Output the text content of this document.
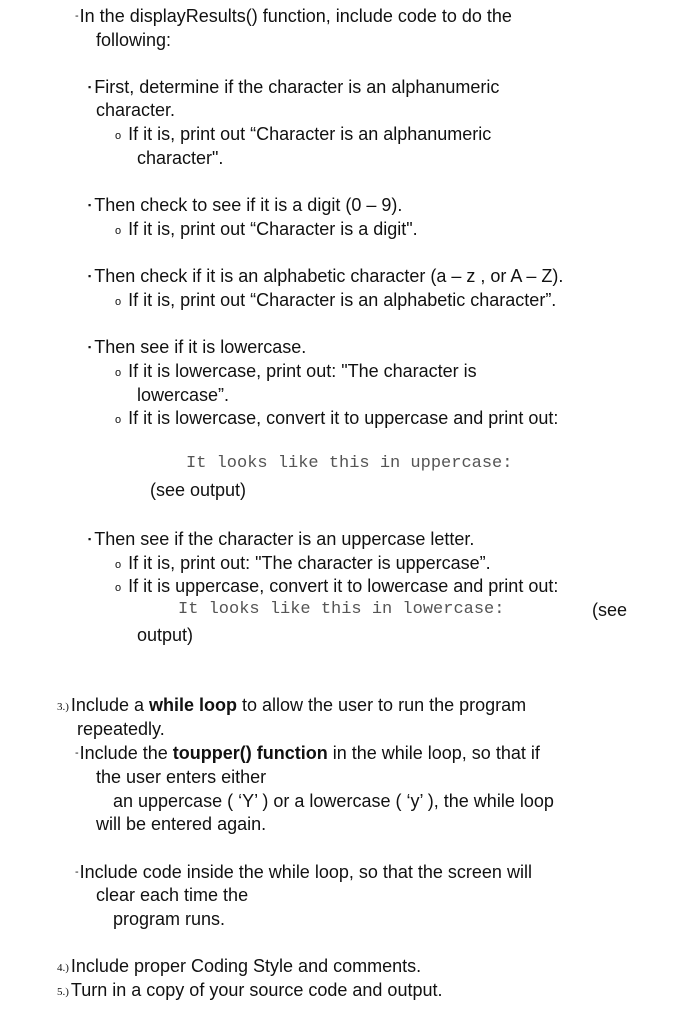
-In the displayResults() function, include code to do the

following:

▪ First, determine if the character is an alphanumeric

character.

o If it is, print out “Character is an alphanumeric

character".

▪ Then check to see if it is a digit (0 – 9).

o If it is, print out “Character is a digit".

▪ Then check if it is an alphabetic character (a – z , or A – Z).

o If it is, print out “Character is an alphabetic character”.

▪ Then see if it is lowercase.

o If it is lowercase, print out: "The character is

lowercase”.

o If it is lowercase, convert it to uppercase and print out:

It looks like this in uppercase:

(see output)

▪ Then see if the character is an uppercase letter.

o If it is, print out: "The character is uppercase”.

o If it is uppercase, convert it to lowercase and print out:

It looks like this in lowercase:	(see

output)

3.) Include a while loop to allow the user to run the program

repeatedly.

-Include the toupper() function in the while loop, so that if

the user enters either

an uppercase ( ‘Y’ ) or a lowercase ( ‘y’ ), the while loop

will be entered again.

-Include code inside the while loop, so that the screen will

clear each time the

program runs.

4.) Include proper Coding Style and comments.

5.) Turn in a copy of your source code and output.
